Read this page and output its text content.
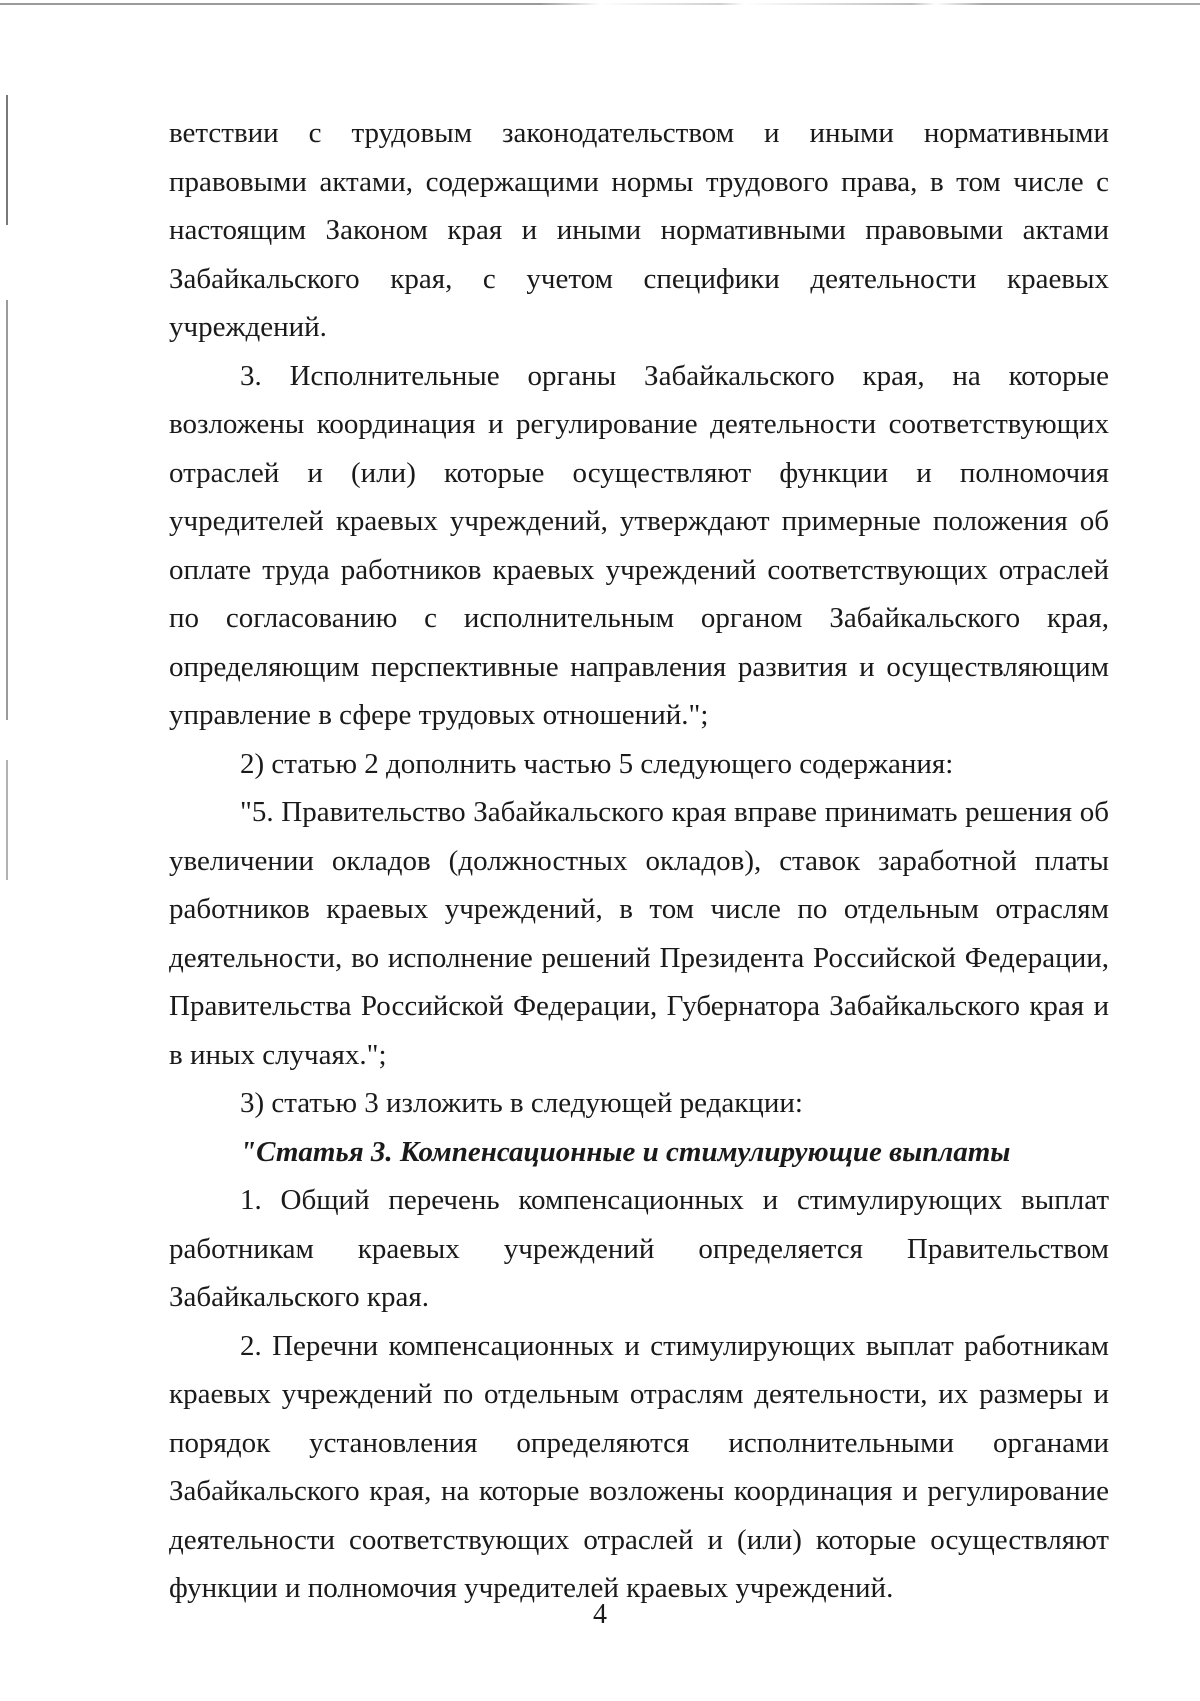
ветствии с трудовым законодательством и иными нормативными правовыми актами, содержащими нормы трудового права, в том числе с настоящим Законом края и иными нормативными правовыми актами Забайкальского края, с учетом специфики деятельности краевых учреждений.

3. Исполнительные органы Забайкальского края, на которые возложены координация и регулирование деятельности соответствующих отраслей и (или) которые осуществляют функции и полномочия учредителей краевых учреждений, утверждают примерные положения об оплате труда работников краевых учреждений соответствующих отраслей по согласованию с исполнительным органом Забайкальского края, определяющим перспективные направления развития и осуществляющим управление в сфере трудовых отношений.";

2) статью 2 дополнить частью 5 следующего содержания:

"5. Правительство Забайкальского края вправе принимать решения об увеличении окладов (должностных окладов), ставок заработной платы работников краевых учреждений, в том числе по отдельным отраслям деятельности, во исполнение решений Президента Российской Федерации, Правительства Российской Федерации, Губернатора Забайкальского края и в иных случаях.";

3) статью 3 изложить в следующей редакции:

"Статья 3. Компенсационные и стимулирующие выплаты

1. Общий перечень компенсационных и стимулирующих выплат работникам краевых учреждений определяется Правительством Забайкальского края.

2. Перечни компенсационных и стимулирующих выплат работникам краевых учреждений по отдельным отраслям деятельности, их размеры и порядок установления определяются исполнительными органами Забайкальского края, на которые возложены координация и регулирование деятельности соответствующих отраслей и (или) которые осуществляют функции и полномочия учредителей краевых учреждений.

4
